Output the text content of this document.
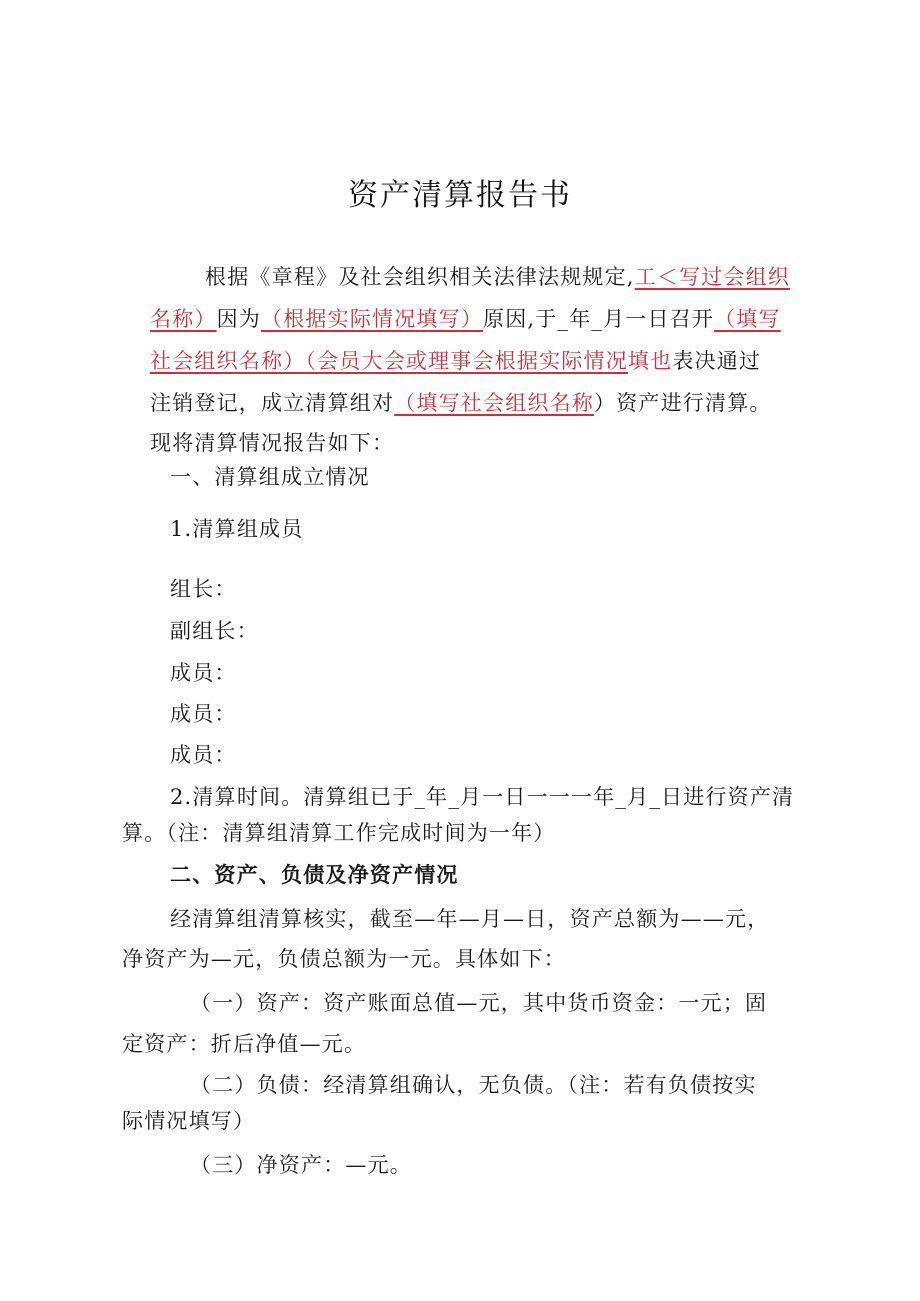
资产清算报告书
根据《章程》及社会组织相关法律法规规定,工＜写过会组织
名称）因为（根据实际情况填写）原因,于_年_月一日召开（填写
社会组织名称）（会员大会或理事会根据实际情况填也表决通过
注销登记，成立清算组对（填写社会组织名称）资产进行清算。
现将清算情况报告如下：
一、清算组成立情况
1.清算组成员
组长：
副组长：
成员：
成员：
成员：
2.清算时间。清算组已于_年_月一日一一一年_月_日进行资产清
算。（注：清算组清算工作完成时间为一年）
二、资产、负债及净资产情况
经清算组清算核实，截至—年—月—日，资产总额为——元，
净资产为—元，负债总额为一元。具体如下：
（一）资产：资产账面总值—元，其中货币资金：一元；固
定资产：折后净值—元。
（二）负债：经清算组确认，无负债。（注：若有负债按实
际情况填写）
（三）净资产：—元。
